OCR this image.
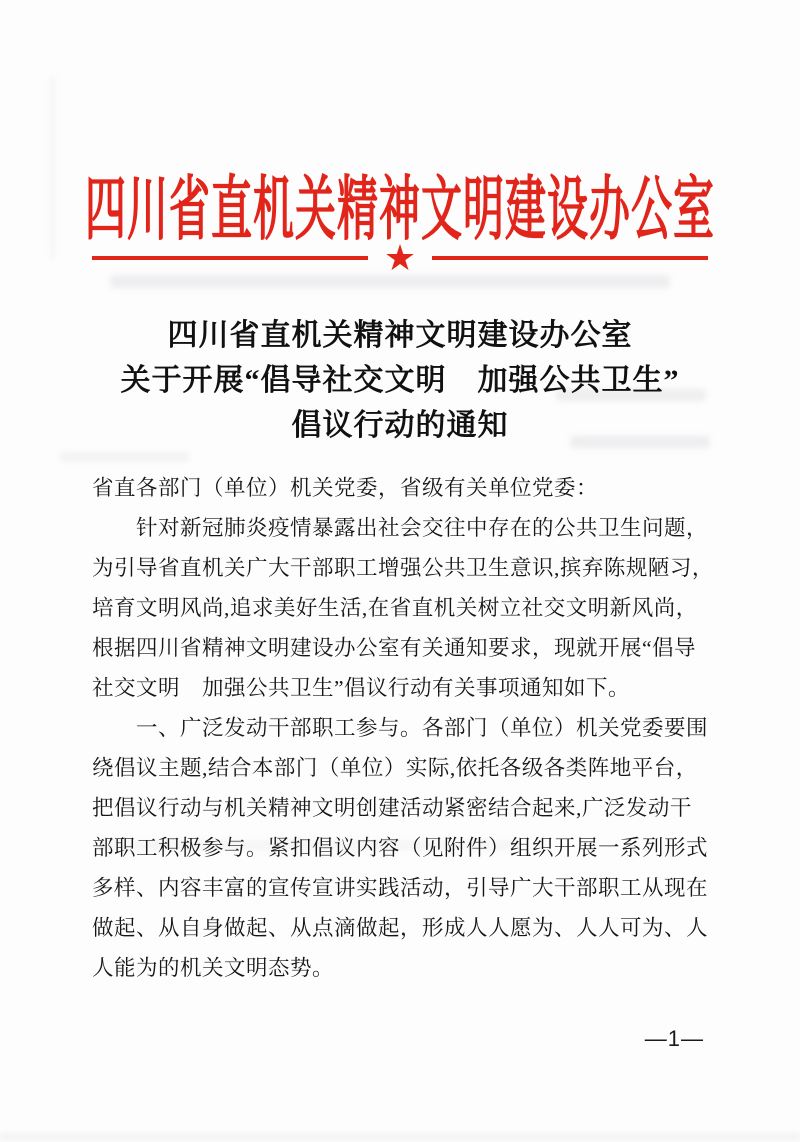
四川省直机关精神文明建设办公室
★
四川省直机关精神文明建设办公室
关于开展“倡导社交文明　加强公共卫生”
倡议行动的通知
省直各部门（单位）机关党委，省级有关单位党委：
针对新冠肺炎疫情暴露出社会交往中存在的公共卫生问题，
为引导省直机关广大干部职工增强公共卫生意识,摈弃陈规陋习，
培育文明风尚,追求美好生活,在省直机关树立社交文明新风尚，
根据四川省精神文明建设办公室有关通知要求，现就开展“倡导
社交文明　加强公共卫生”倡议行动有关事项通知如下。
一、广泛发动干部职工参与。各部门（单位）机关党委要围
绕倡议主题,结合本部门（单位）实际,依托各级各类阵地平台，
把倡议行动与机关精神文明创建活动紧密结合起来,广泛发动干
部职工积极参与。紧扣倡议内容（见附件）组织开展一系列形式
多样、内容丰富的宣传宣讲实践活动，引导广大干部职工从现在
做起、从自身做起、从点滴做起，形成人人愿为、人人可为、人
人能为的机关文明态势。
—1—
